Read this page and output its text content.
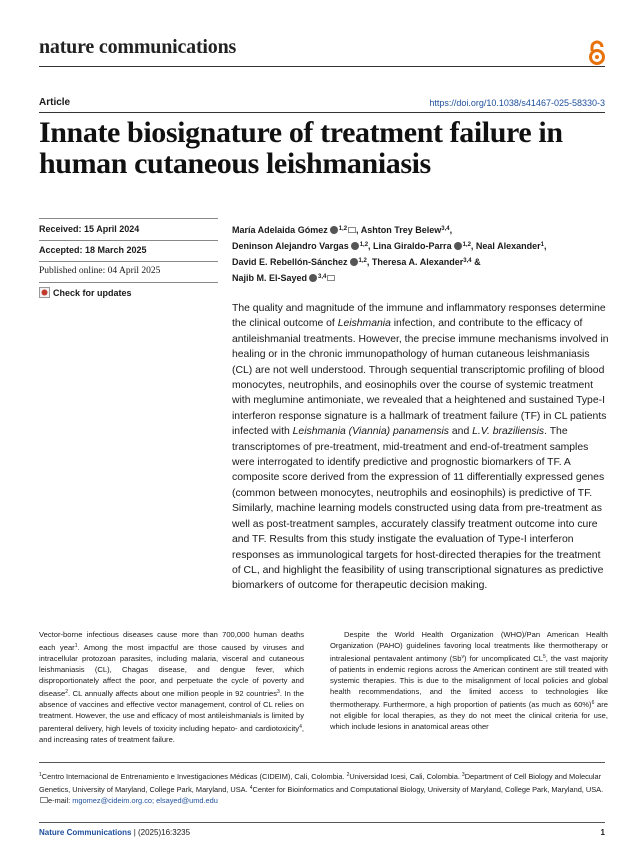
nature communications
Article	https://doi.org/10.1038/s41467-025-58330-3
Innate biosignature of treatment failure in
human cutaneous leishmaniasis
Received: 15 April 2024
Accepted: 18 March 2025
Published online: 04 April 2025
Check for updates
María Adelaida Gómez $^{1,2}$ , Ashton Trey Belew$^{3,4}$,
Deninson Alejandro Vargas $^{1,2}$, Lina Giraldo-Parra $^{1,2}$, Neal Alexander$^1$,
David E. Rebellón-Sánchez $^{1,2}$, Theresa A. Alexander$^{3,4}$ &
Najib M. El-Sayed $^{3,4}$
The quality and magnitude of the immune and inflammatory responses determine the clinical outcome of Leishmania infection, and contribute to the efficacy of antileishmanial treatments. However, the precise immune mechanisms involved in healing or in the chronic immunopathology of human cutaneous leishmaniasis (CL) are not well understood. Through sequential transcriptomic profiling of blood monocytes, neutrophils, and eosinophils over the course of systemic treatment with meglumine antimoniate, we revealed that a heightened and sustained Type-I interferon response signature is a hallmark of treatment failure (TF) in CL patients infected with Leishmania (Viannia) panamensis and L.V. braziliensis. The transcriptomes of pre-treatment, mid-treatment and end-of-treatment samples were interrogated to identify predictive and prognostic biomarkers of TF. A composite score derived from the expression of 11 differentially expressed genes (common between monocytes, neutrophils and eosinophils) is predictive of TF. Similarly, machine learning models constructed using data from pre-treatment as well as post-treatment samples, accurately classify treatment outcome into cure and TF. Results from this study instigate the evaluation of Type-I interferon responses as immunological targets for host-directed therapies for the treatment of CL, and highlight the feasibility of using transcriptional signatures as predictive biomarkers of outcome for therapeutic decision making.
Vector-borne infectious diseases cause more than 700,000 human deaths each year$^1$. Among the most impactful are those caused by viruses and intracellular protozoan parasites, including malaria, visceral and cutaneous leishmaniasis (CL), Chagas disease, and dengue fever, which disproportionately affect the poor, and perpetuate the cycle of poverty and disease$^2$. CL annually affects about one million people in 92 countries$^3$. In the absence of vaccines and effective vector management, control of CL relies on treatment. However, the use and efficacy of most antileishmanials is limited by parenteral delivery, high levels of toxicity including hepato- and cardiotoxicity$^4$, and increasing rates of treatment failure.
Despite the World Health Organization (WHO)/Pan American Health Organization (PAHO) guidelines favoring local treatments like thermotherapy or intralesional pentavalent antimony (Sb$^v$) for uncomplicated $CL^5$, the vast majority of patients in endemic regions across the American continent are still treated with systemic therapies. This is due to the misalignment of local policies and global health recommendations, and the limited access to technologies like thermotherapy. Furthermore, a high proportion of patients (as much as 60%)$^6$ are not eligible for local therapies, as they do not meet the clinical criteria for use, which include lesions in anatomical areas other
$^1$Centro Internacional de Entrenamiento e Investigaciones Médicas (CIDEIM), Cali, Colombia. $^2$Universidad Icesi, Cali, Colombia. $^3$Department of Cell Biology and Molecular Genetics, University of Maryland, College Park, Maryland, USA. $^4$Center for Bioinformatics and Computational Biology, University of Maryland, College Park, Maryland, USA. e-mail: mgomez@cideim.org.co; elsayed@umd.edu
Nature Communications | (2025)16:3235	1
